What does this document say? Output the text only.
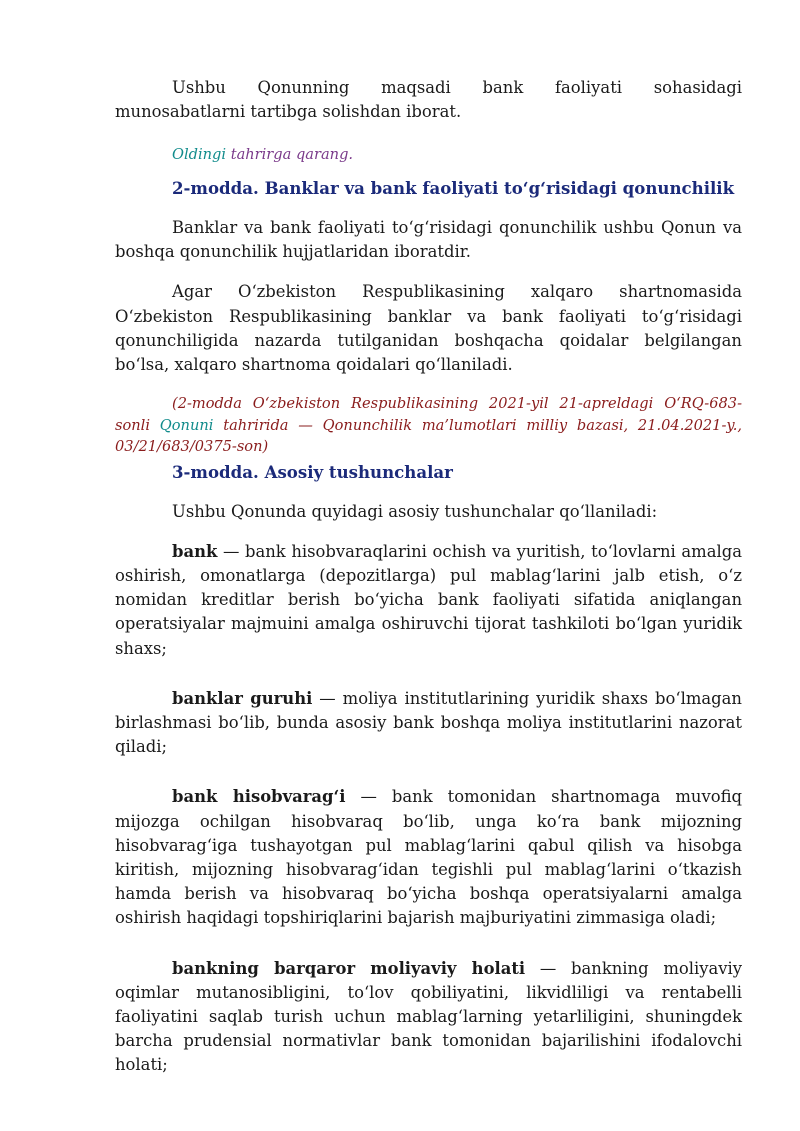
Ushbu Qonunning maqsadi bank faoliyati sohasidagi munosabatlarni tartibga solishdan iborat.

Oldingi tahrirga qarang.

2-modda. Banklar va bank faoliyati to‘g‘risidagi qonunchilik

Banklar va bank faoliyati to‘g‘risidagi qonunchilik ushbu Qonun va boshqa qonunchilik hujjatlaridan iboratdir.

Agar O‘zbekiston Respublikasining xalqaro shartnomasida O‘zbekiston Respublikasining banklar va bank faoliyati to‘g‘risidagi qonunchiligida nazarda tutilganidan boshqacha qoidalar belgilangan bo‘lsa, xalqaro shartnoma qoidalari qo‘llaniladi.

(2-modda O‘zbekiston Respublikasining 2021-yil 21-apreldagi O‘RQ-683-sonli Qonuni tahririda — Qonunchilik ma’lumotlari milliy bazasi, 21.04.2021-y., 03/21/683/0375-son)

3-modda. Asosiy tushunchalar

Ushbu Qonunda quyidagi asosiy tushunchalar qo‘llaniladi:

bank — bank hisobvaraqlarini ochish va yuritish, to‘lovlarni amalga oshirish, omonatlarga (depozitlarga) pul mablag‘larini jalb etish, o‘z nomidan kreditlar berish bo‘yicha bank faoliyati sifatida aniqlangan operatsiyalar majmuini amalga oshiruvchi tijorat tashkiloti bo‘lgan yuridik shaxs;

banklar guruhi — moliya institutlarining yuridik shaxs bo‘lmagan birlashmasi bo‘lib, bunda asosiy bank boshqa moliya institutlarini nazorat qiladi;

bank hisobvarag‘i — bank tomonidan shartnomaga muvofiq mijozga ochilgan hisobvaraq bo‘lib, unga ko‘ra bank mijozning hisobvarag‘iga tushayotgan pul mablag‘larini qabul qilish va hisobga kiritish, mijozning hisobvarag‘idan tegishli pul mablag‘larini o‘tkazish hamda berish va hisobvaraq bo‘yicha boshqa operatsiyalarni amalga oshirish haqidagi topshiriqlarini bajarish majburiyatini zimmasiga oladi;

bankning barqaror moliyaviy holati — bankning moliyaviy oqimlar mutanosibligini, to‘lov qobiliyatini, likvidliligi va rentabelli faoliyatini saqlab turish uchun mablag‘larning yetarliligini, shuningdek barcha prudensial normativlar bank tomonidan bajarilishini ifodalovchi holati;
